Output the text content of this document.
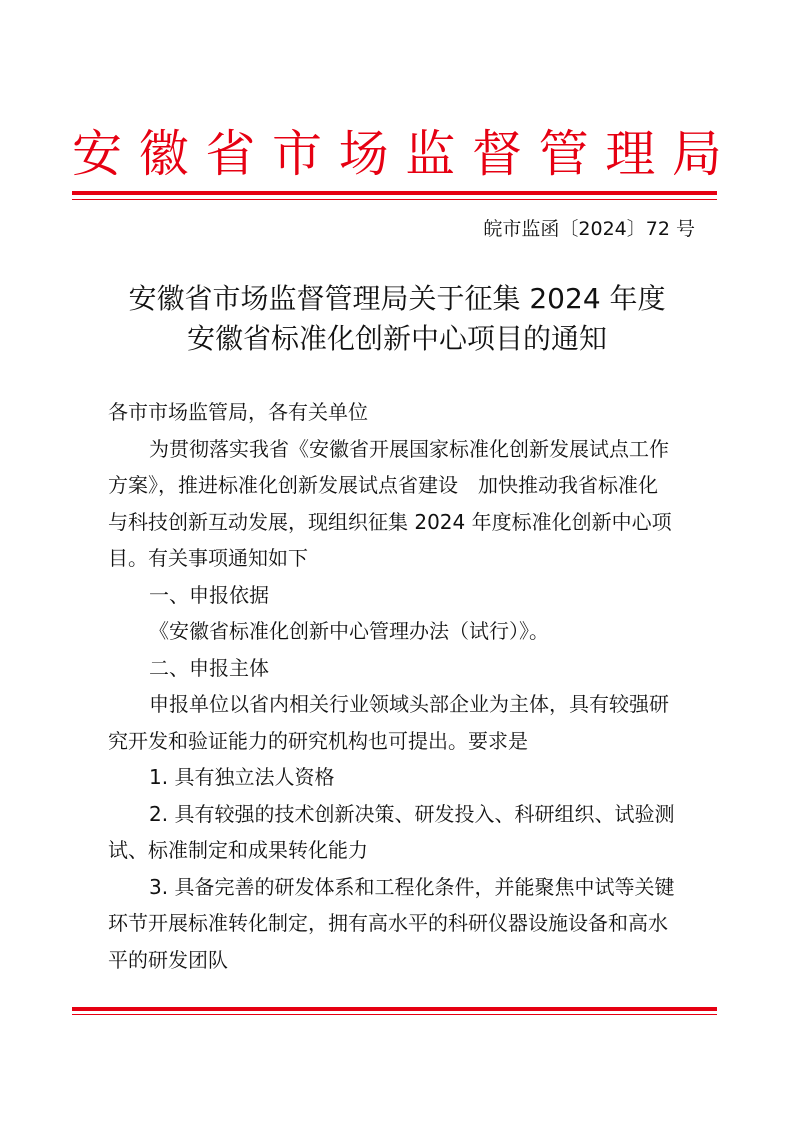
安 徽 省 市 场 监 督 管 理 局
皖市监函〔2024〕72 号
安徽省市场监督管理局关于征集 2024 年度
安徽省标准化创新中心项目的通知
各市市场监管局，各有关单位
为贯彻落实我省《安徽省开展国家标准化创新发展试点工作
方案》，推进标准化创新发展试点省建设　加快推动我省标准化
与科技创新互动发展，现组织征集 2024 年度标准化创新中心项
目。有关事项通知如下
一、申报依据
《安徽省标准化创新中心管理办法（试行）》。
二、申报主体
申报单位以省内相关行业领域头部企业为主体，具有较强研
究开发和验证能力的研究机构也可提出。要求是
1. 具有独立法人资格
2. 具有较强的技术创新决策、研发投入、科研组织、试验测
试、标准制定和成果转化能力
3. 具备完善的研发体系和工程化条件，并能聚焦中试等关键
环节开展标准转化制定，拥有高水平的科研仪器设施设备和高水
平的研发团队
